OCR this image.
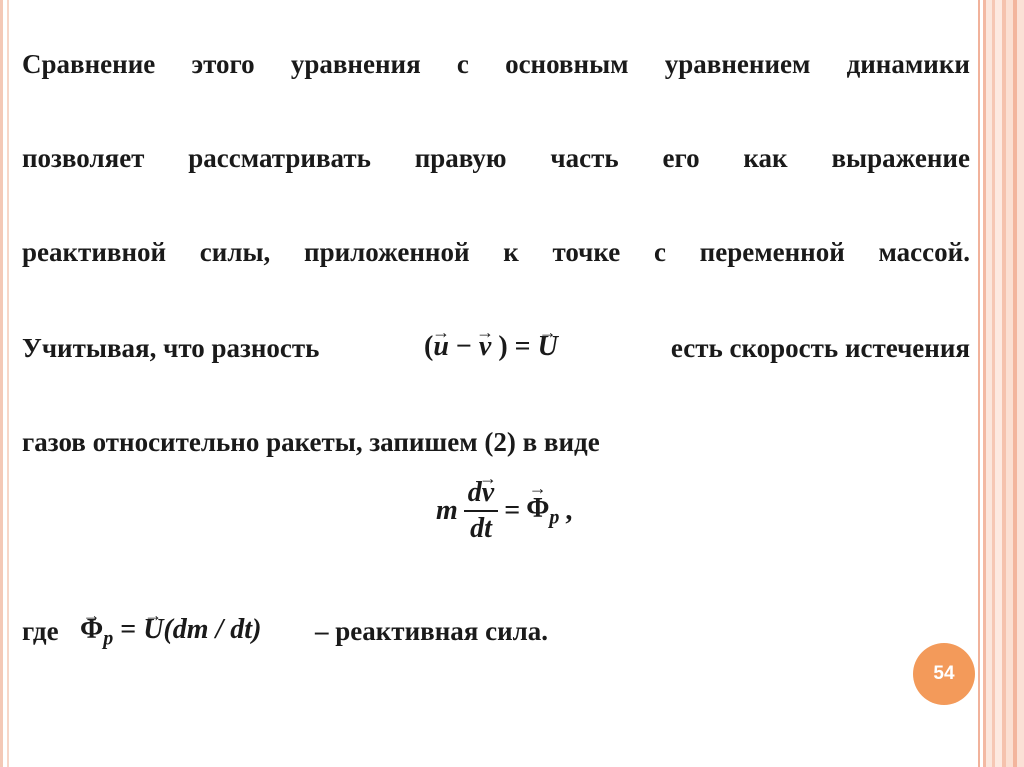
Сравнение этого уравнения с основным уравнением динамики
позволяет рассматривать правую часть его как выражение
реактивной силы, приложенной к точке с переменной массой.
Учитывая, что разность	(→ u − → v ) = → U	есть скорость истечения
газов относительно ракеты, запишем (2) в виде
m $\frac{d\to v}{dt}$ = → $\Phi_p$ ,
где → $\Phi_p$ = → U(dm / dt) – реактивная сила.
54
